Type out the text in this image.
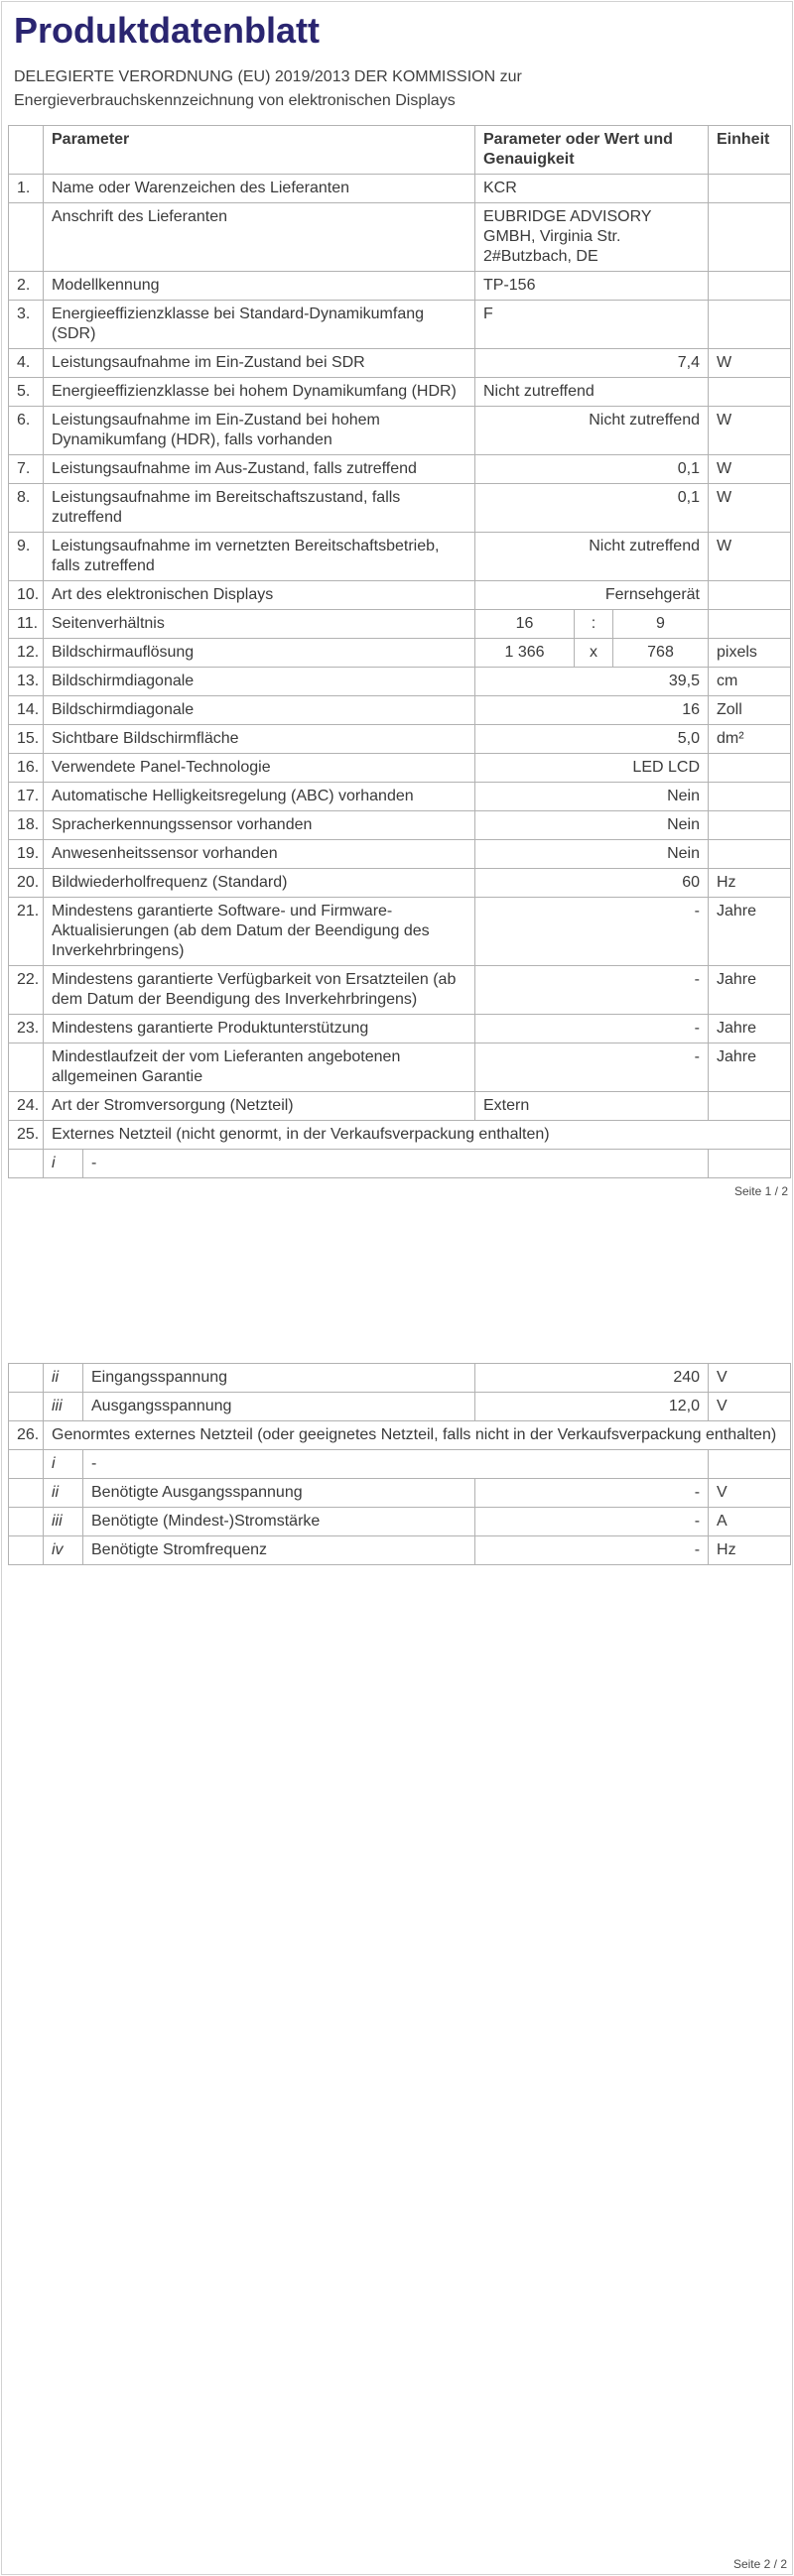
Produktdatenblatt
DELEGIERTE VERORDNUNG (EU) 2019/2013 DER KOMMISSION zur
Energieverbrauchskennzeichnung von elektronischen Displays
	Parameter		Parameter oder Wert und Genauigkeit			Einheit
1.	Name oder Warenzeichen des Lieferanten		KCR			
	Anschrift des Lieferanten		EUBRIDGE ADVISORY GMBH, Virginia Str. 2#Butzbach, DE			
2.	Modellkennung		TP-156			
3.	Energieeffizienzklasse bei Standard-Dynamikumfang (SDR)		F			
4.	Leistungsaufnahme im Ein-Zustand bei SDR		7,4			W
5.	Energieeffizienzklasse bei hohem Dynamikumfang (HDR)		Nicht zutreffend			
6.	Leistungsaufnahme im Ein-Zustand bei hohem Dynamikumfang (HDR), falls vorhanden		Nicht zutreffend			W
7.	Leistungsaufnahme im Aus-Zustand, falls zutreffend		0,1			W
8.	Leistungsaufnahme im Bereitschaftszustand, falls zutreffend		0,1			W
9.	Leistungsaufnahme im vernetzten Bereitschaftsbetrieb, falls zutreffend		Nicht zutreffend			W
10.	Art des elektronischen Displays		Fernsehgerät			
11.	Seitenverhältnis		16	:	9	
12.	Bildschirmauflösung		1 366	x	768	pixels
13.	Bildschirmdiagonale		39,5			cm
14.	Bildschirmdiagonale		16			Zoll
15.	Sichtbare Bildschirmfläche		5,0			dm²
16.	Verwendete Panel-Technologie		LED LCD			
17.	Automatische Helligkeitsregelung (ABC) vorhanden		Nein			
18.	Spracherkennungssensor vorhanden		Nein			
19.	Anwesenheitssensor vorhanden		Nein			
20.	Bildwiederholfrequenz (Standard)		60			Hz
21.	Mindestens garantierte Software- und Firmware-Aktualisierungen (ab dem Datum der Beendigung des Inverkehrbringens)		-			Jahre
22.	Mindestens garantierte Verfügbarkeit von Ersatzteilen (ab dem Datum der Beendigung des Inverkehrbringens)		-			Jahre
23.	Mindestens garantierte Produktunterstützung		-			Jahre
	Mindestlaufzeit der vom Lieferanten angebotenen allgemeinen Garantie		-			Jahre
24.	Art der Stromversorgung (Netzteil)		Extern			
25.	Externes Netzteil (nicht genormt, in der Verkaufsverpackung enthalten)					
	i	-				
Seite 1 / 2
	ii	Eingangsspannung	240	V
	iii	Ausgangsspannung	12,0	V
26.	Genormtes externes Netzteil (oder geeignetes Netzteil, falls nicht in der Verkaufsverpackung enthalten)			
	i	-		
	ii	Benötigte Ausgangsspannung	-	V
	iii	Benötigte (Mindest-)Stromstärke	-	A
	iv	Benötigte Stromfrequenz	-	Hz
Seite 2 / 2
